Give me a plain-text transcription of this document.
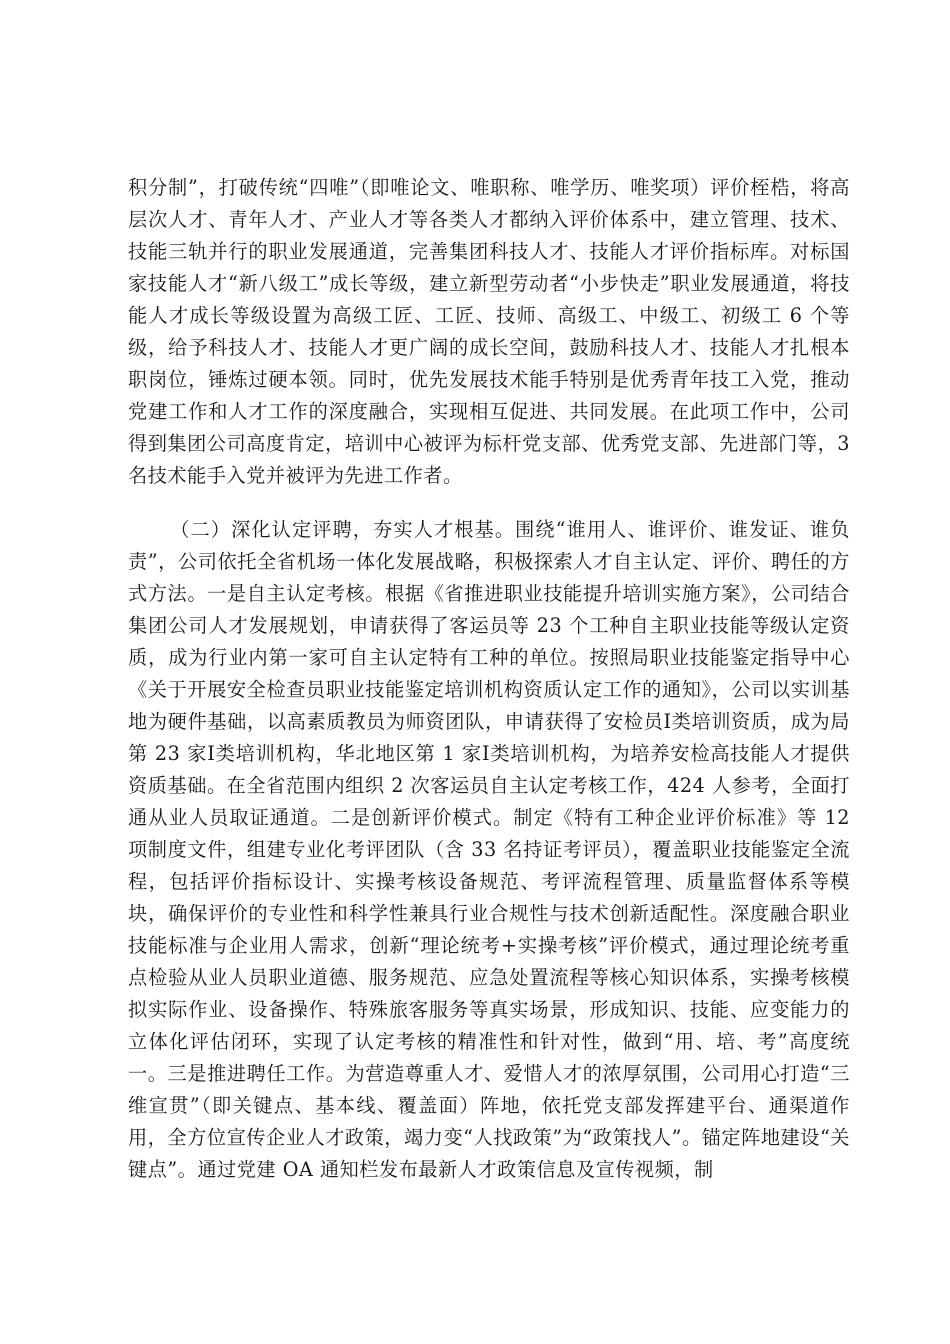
积分制”，打破传统“四唯”（即唯论文、唯职称、唯学历、唯奖项）评价桎梏，将高层次人才、青年人才、产业人才等各类人才都纳入评价体系中，建立管理、技术、技能三轨并行的职业发展通道，完善集团科技人才、技能人才评价指标库。对标国家技能人才“新八级工”成长等级，建立新型劳动者“小步快走”职业发展通道，将技能人才成长等级设置为高级工匠、工匠、技师、高级工、中级工、初级工 6 个等级，给予科技人才、技能人才更广阔的成长空间，鼓励科技人才、技能人才扎根本职岗位，锤炼过硬本领。同时，优先发展技术能手特别是优秀青年技工入党，推动党建工作和人才工作的深度融合，实现相互促进、共同发展。在此项工作中，公司得到集团公司高度肯定，培训中心被评为标杆党支部、优秀党支部、先进部门等，3 名技术能手入党并被评为先进工作者。

（二）深化认定评聘，夯实人才根基。围绕“谁用人、谁评价、谁发证、谁负责”，公司依托全省机场一体化发展战略，积极探索人才自主认定、评价、聘任的方式方法。一是自主认定考核。根据《省推进职业技能提升培训实施方案》，公司结合集团公司人才发展规划，申请获得了客运员等 23 个工种自主职业技能等级认定资质，成为行业内第一家可自主认定特有工种的单位。按照局职业技能鉴定指导中心《关于开展安全检查员职业技能鉴定培训机构资质认定工作的通知》，公司以实训基地为硬件基础，以高素质教员为师资团队，申请获得了安检员Ⅰ类培训资质，成为局第 23 家Ⅰ类培训机构，华北地区第 1 家Ⅰ类培训机构，为培养安检高技能人才提供资质基础。在全省范围内组织 2 次客运员自主认定考核工作，424 人参考，全面打通从业人员取证通道。二是创新评价模式。制定《特有工种企业评价标准》等 12 项制度文件，组建专业化考评团队（含 33 名持证考评员），覆盖职业技能鉴定全流程，包括评价指标设计、实操考核设备规范、考评流程管理、质量监督体系等模块，确保评价的专业性和科学性兼具行业合规性与技术创新适配性。深度融合职业技能标准与企业用人需求，创新“理论统考+实操考核”评价模式，通过理论统考重点检验从业人员职业道德、服务规范、应急处置流程等核心知识体系，实操考核模拟实际作业、设备操作、特殊旅客服务等真实场景，形成知识、技能、应变能力的立体化评估闭环，实现了认定考核的精准性和针对性，做到“用、培、考”高度统一。三是推进聘任工作。为营造尊重人才、爱惜人才的浓厚氛围，公司用心打造“三维宣贯”（即关键点、基本线、覆盖面）阵地，依托党支部发挥建平台、通渠道作用，全方位宣传企业人才政策，竭力变“人找政策”为“政策找人”。锚定阵地建设“关键点”。通过党建 OA 通知栏发布最新人才政策信息及宣传视频，制
